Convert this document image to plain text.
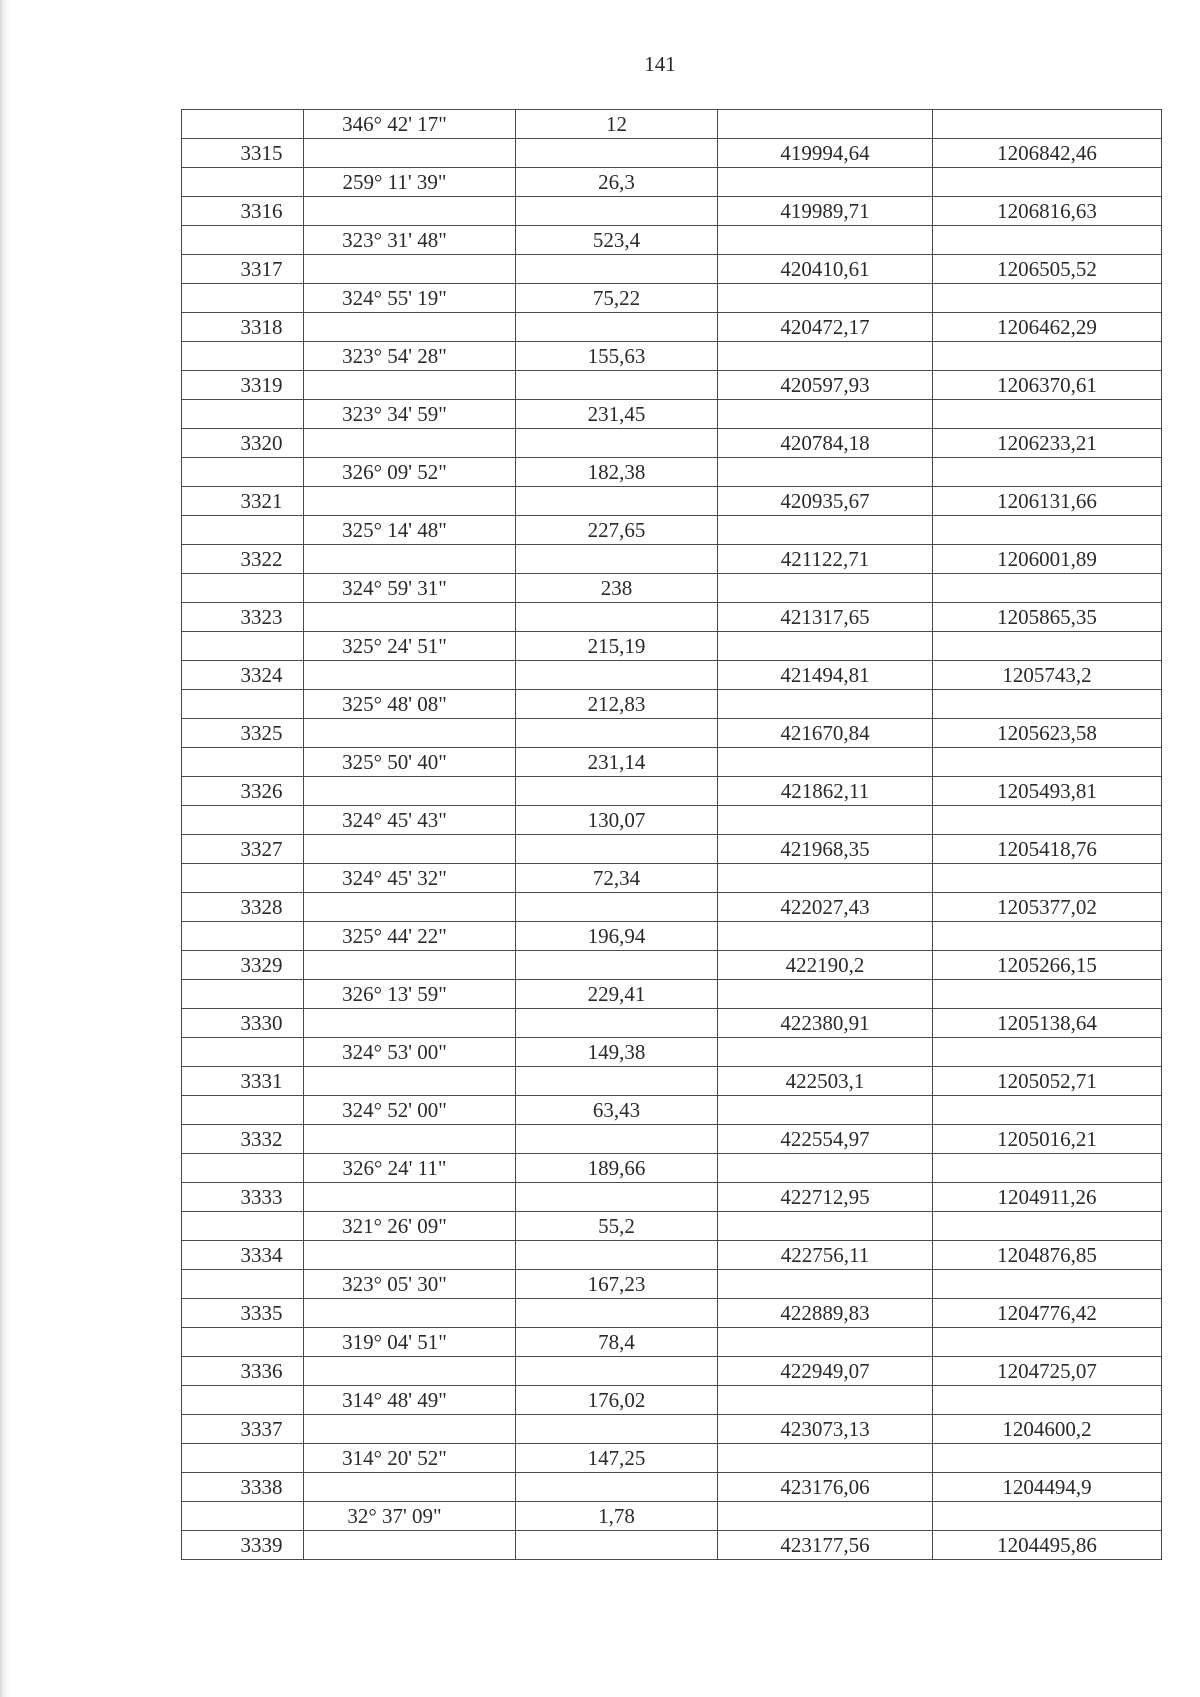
141
	346° 42' 17"	12		
3315			419994,64	1206842,46
	259° 11' 39"	26,3		
3316			419989,71	1206816,63
	323° 31' 48"	523,4		
3317			420410,61	1206505,52
	324° 55' 19"	75,22		
3318			420472,17	1206462,29
	323° 54' 28"	155,63		
3319			420597,93	1206370,61
	323° 34' 59"	231,45		
3320			420784,18	1206233,21
	326° 09' 52"	182,38		
3321			420935,67	1206131,66
	325° 14' 48"	227,65		
3322			421122,71	1206001,89
	324° 59' 31"	238		
3323			421317,65	1205865,35
	325° 24' 51"	215,19		
3324			421494,81	1205743,2
	325° 48' 08"	212,83		
3325			421670,84	1205623,58
	325° 50' 40"	231,14		
3326			421862,11	1205493,81
	324° 45' 43"	130,07		
3327			421968,35	1205418,76
	324° 45' 32"	72,34		
3328			422027,43	1205377,02
	325° 44' 22"	196,94		
3329			422190,2	1205266,15
	326° 13' 59"	229,41		
3330			422380,91	1205138,64
	324° 53' 00"	149,38		
3331			422503,1	1205052,71
	324° 52' 00"	63,43		
3332			422554,97	1205016,21
	326° 24' 11"	189,66		
3333			422712,95	1204911,26
	321° 26' 09"	55,2		
3334			422756,11	1204876,85
	323° 05' 30"	167,23		
3335			422889,83	1204776,42
	319° 04' 51"	78,4		
3336			422949,07	1204725,07
	314° 48' 49"	176,02		
3337			423073,13	1204600,2
	314° 20' 52"	147,25		
3338			423176,06	1204494,9
	32° 37' 09"	1,78		
3339			423177,56	1204495,86
